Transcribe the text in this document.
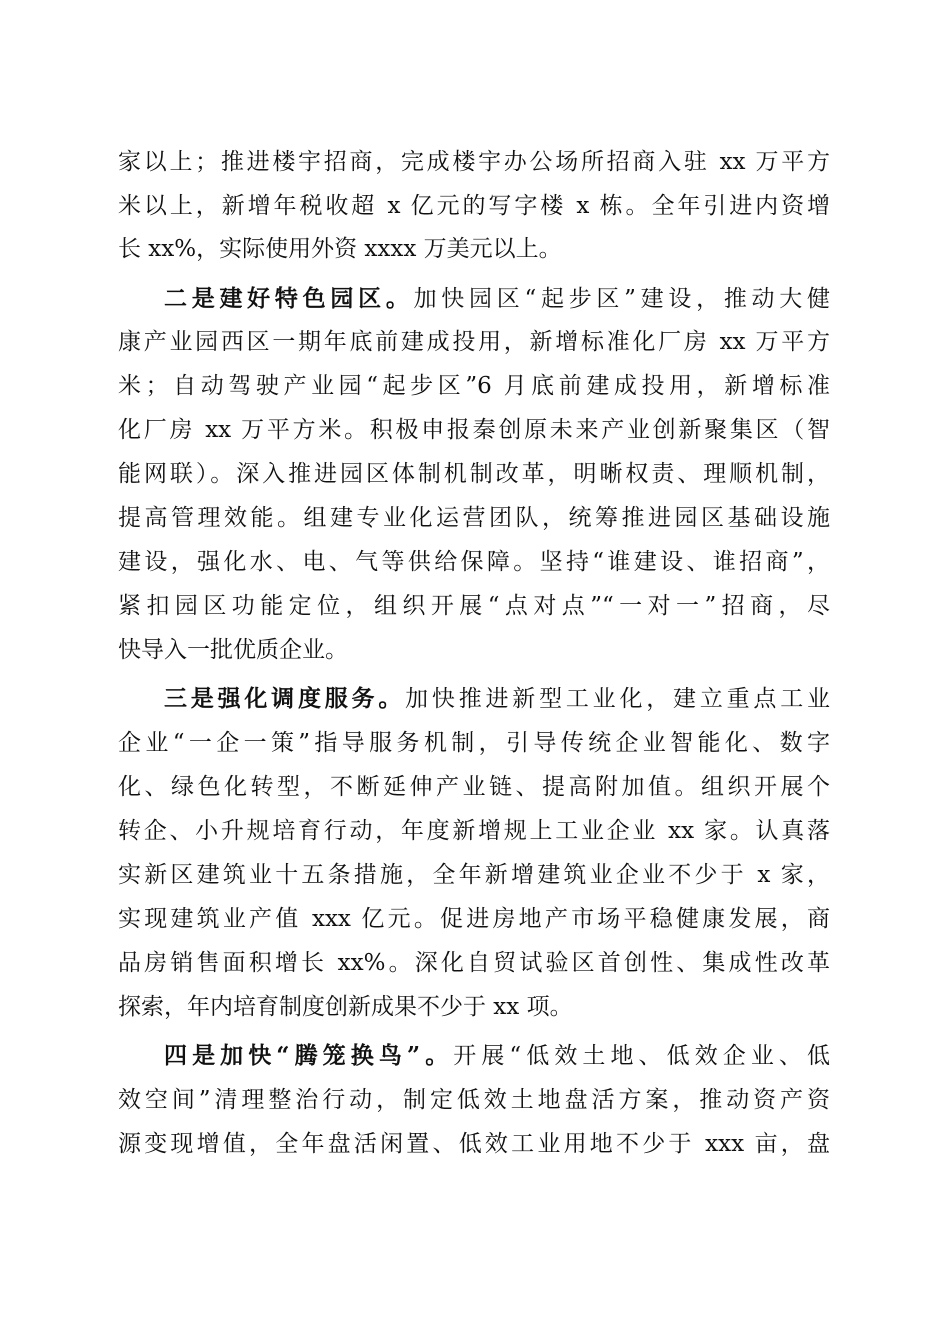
家以上；推进楼宇招商，完成楼宇办公场所招商入驻 xx 万平方

米以上，新增年税收超 x 亿元的写字楼 x 栋。全年引进内资增

长 xx%，实际使用外资 xxxx 万美元以上。

二是建好特色园区。加快园区“起步区”建设，推动大健

康产业园西区一期年底前建成投用，新增标准化厂房 xx 万平方

米；自动驾驶产业园“起步区”6 月底前建成投用，新增标准

化厂房 xx 万平方米。积极申报秦创原未来产业创新聚集区（智

能网联）。深入推进园区体制机制改革，明晰权责、理顺机制，

提高管理效能。组建专业化运营团队，统筹推进园区基础设施

建设，强化水、电、气等供给保障。坚持“谁建设、谁招商”，

紧扣园区功能定位，组织开展“点对点”“一对一”招商，尽

快导入一批优质企业。

三是强化调度服务。加快推进新型工业化，建立重点工业

企业“一企一策”指导服务机制，引导传统企业智能化、数字

化、绿色化转型，不断延伸产业链、提高附加值。组织开展个

转企、小升规培育行动，年度新增规上工业企业 xx 家。认真落

实新区建筑业十五条措施，全年新增建筑业企业不少于 x 家，

实现建筑业产值 xxx 亿元。促进房地产市场平稳健康发展，商

品房销售面积增长 xx%。深化自贸试验区首创性、集成性改革

探索，年内培育制度创新成果不少于 xx 项。

四是加快“腾笼换鸟”。开展“低效土地、低效企业、低

效空间”清理整治行动，制定低效土地盘活方案，推动资产资

源变现增值，全年盘活闲置、低效工业用地不少于 xxx 亩，盘
